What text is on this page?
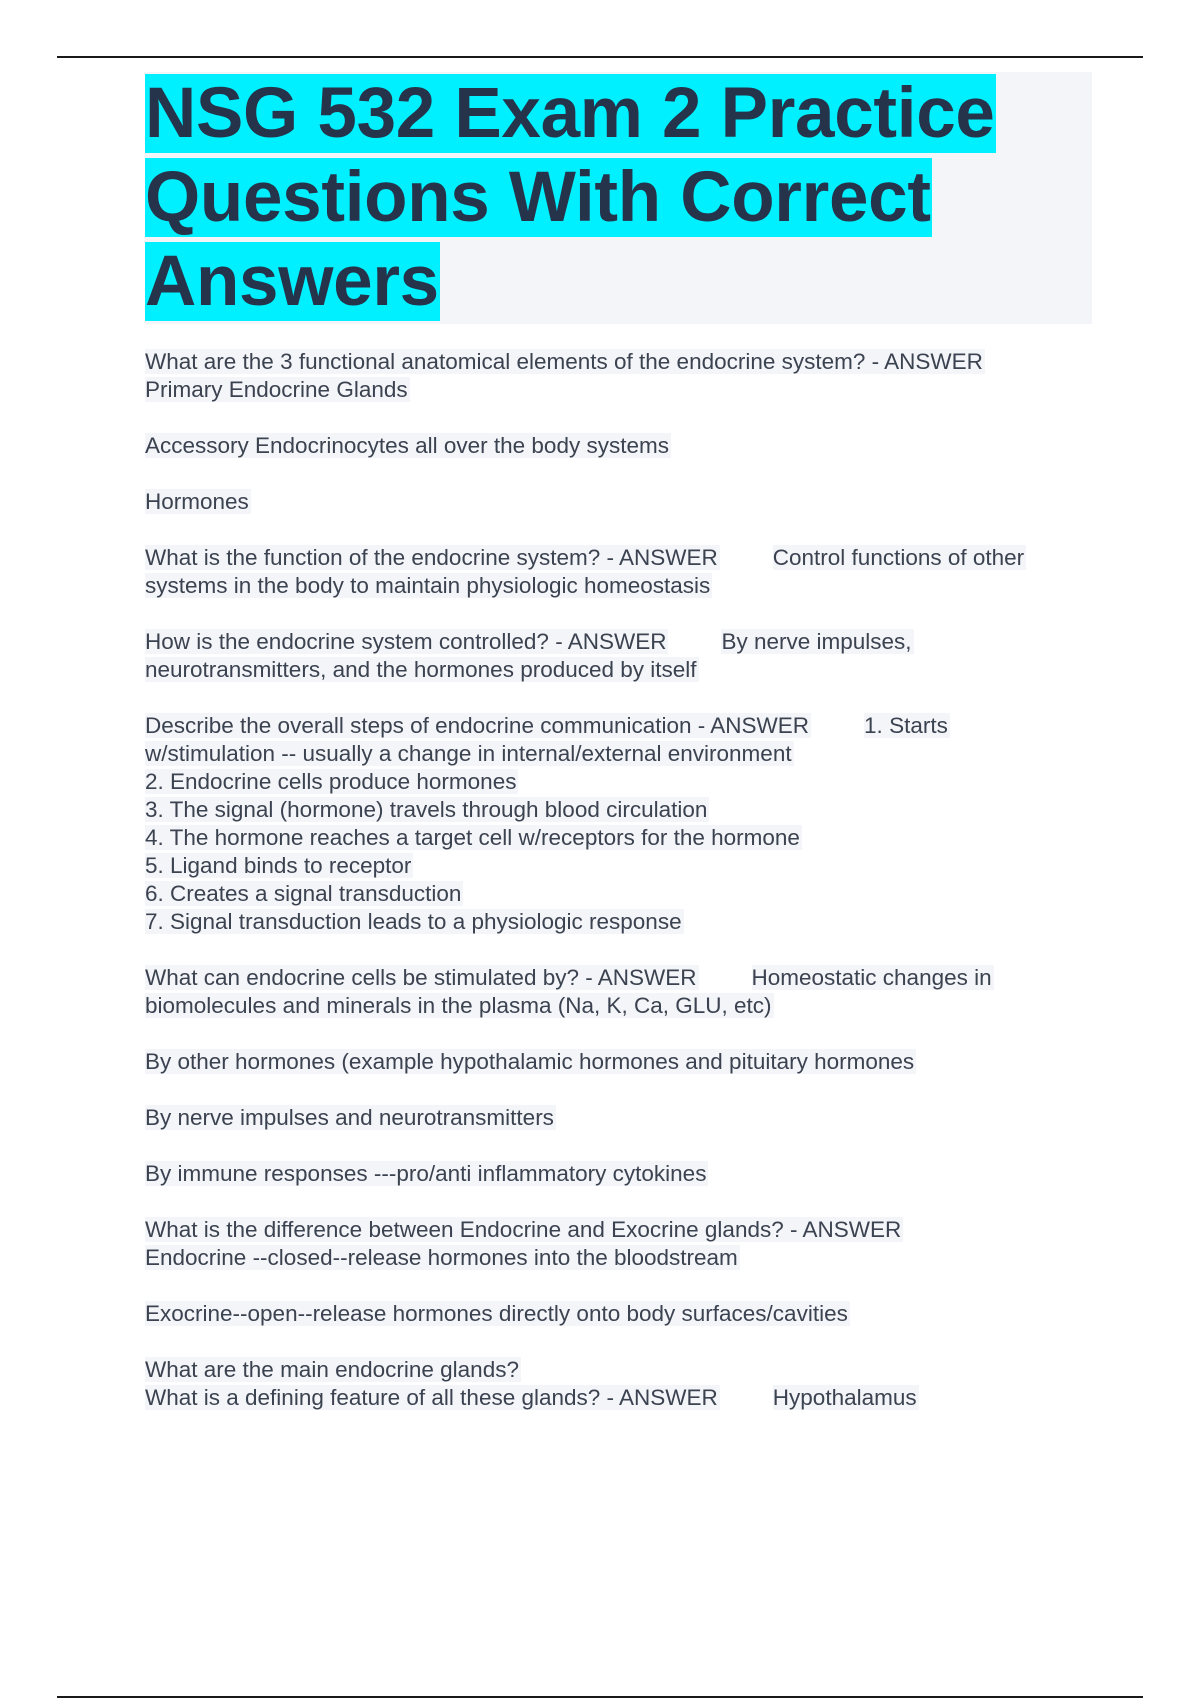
NSG 532 Exam 2 Practice
Questions With Correct
Answers

What are the 3 functional anatomical elements of the endocrine system? - ANSWER
Primary Endocrine Glands

Accessory Endocrinocytes all over the body systems

Hormones

What is the function of the endocrine system? - ANSWER Control functions of other
systems in the body to maintain physiologic homeostasis

How is the endocrine system controlled? - ANSWER By nerve impulses,
neurotransmitters, and the hormones produced by itself

Describe the overall steps of endocrine communication - ANSWER 1. Starts
w/stimulation -- usually a change in internal/external environment
2. Endocrine cells produce hormones
3. The signal (hormone) travels through blood circulation
4. The hormone reaches a target cell w/receptors for the hormone
5. Ligand binds to receptor
6. Creates a signal transduction
7. Signal transduction leads to a physiologic response

What can endocrine cells be stimulated by? - ANSWER Homeostatic changes in
biomolecules and minerals in the plasma (Na, K, Ca, GLU, etc)

By other hormones (example hypothalamic hormones and pituitary hormones

By nerve impulses and neurotransmitters

By immune responses ---pro/anti inflammatory cytokines

What is the difference between Endocrine and Exocrine glands? - ANSWER
Endocrine --closed--release hormones into the bloodstream

Exocrine--open--release hormones directly onto body surfaces/cavities

What are the main endocrine glands?
What is a defining feature of all these glands? - ANSWER Hypothalamus
